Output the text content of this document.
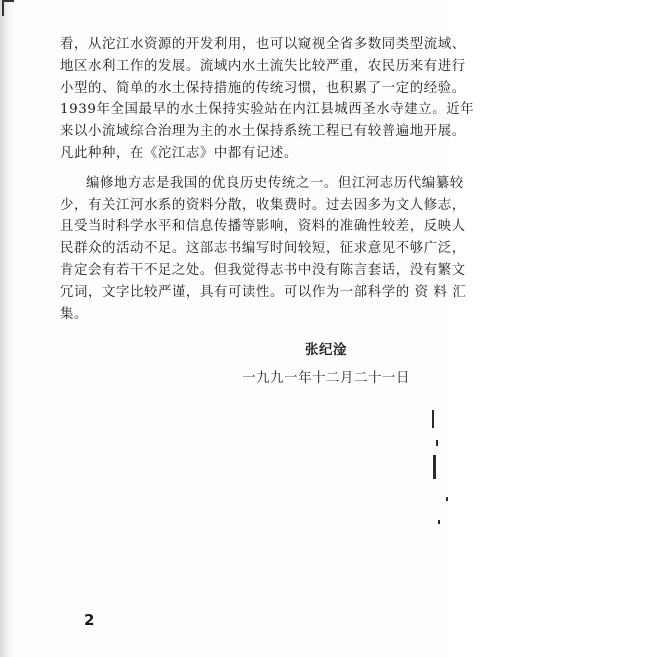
看，从沱江水资源的开发利用，也可以窥视全省多数同类型流域、
地区水利工作的发展。流域内水土流失比较严重，农民历来有进行
小型的、简单的水土保持措施的传统习惯，也积累了一定的经验。
1939年全国最早的水土保持实验站在内江县城西圣水寺建立。近年
来以小流域综合治理为主的水土保持系统工程已有较普遍地开展。
凡此种种，在《沱江志》中都有记述。
编修地方志是我国的优良历史传统之一。但江河志历代编纂较
少，有关江河水系的资料分散，收集费时。过去因多为文人修志，
且受当时科学水平和信息传播等影响，资料的准确性较差，反映人
民群众的活动不足。这部志书编写时间较短，征求意见不够广泛，
肯定会有若干不足之处。但我觉得志书中没有陈言套话，没有繁文
冗词，文字比较严谨，具有可读性。可以作为一部科学的 资 料 汇
集。
张纪淦
一九九一年十二月二十一日
2
